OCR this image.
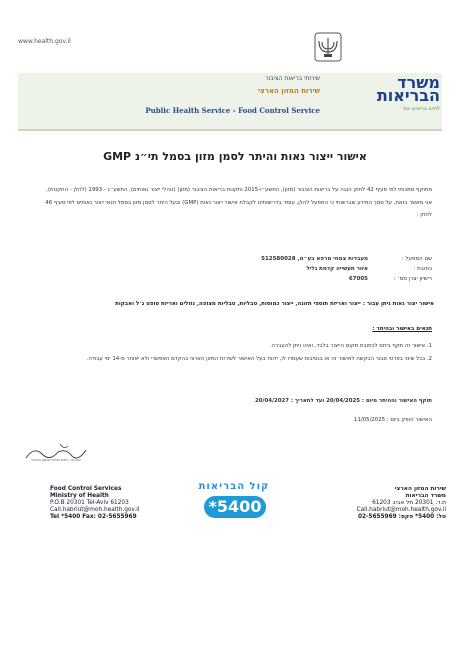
www.health.gov.il
שירותי בריאות הציבור
שירות המזון הארצי
Public Health Service - Food Control Service
משרד הבריאות
לחיים בריאים יותר
אישור ייצור נאות והיתר לסמן מזון בסמל תי״נ GMP
מתוקף סמכותי לפי סעיף 42 לחוק הגנה על בריאות הציבור (מזון), התשע״ו-2015 ותקנות בריאות הציבור (מזון) (נוהלי ייצור נאותים), התשע״ג - 1993 (להלן - התקנות), אני מאשר בזאת, על סמך המידע שברשותי כי המפעל להלן, עומד בדרישותינו לקבלת אישור ייצור נאות (GMP) ובעל היתר לסמן מזון בסמל תנאי ייצור נאותים לפי סעיף 46 לחוק :
שם המפעל :
מעבדות צמחי מרפא בע״מ, 512580028
כתובת :
אזור תעשייה קדמת גליל
רישיון יצרן מס׳ :
67005
אישור יצור נאות ניתן עבור : ייצור ואריזת תוספי תזונה, ייצור כמוסות, טבליות, טבליות מצופה, נוזלים ואריזת סופט ג׳ל ואבקות
תנאים באישור ובהיתר :
1. אישור זה תקף ביחס לכתובת מקום הייצור בלבד, ואינו ניתן להעברה.
2. בכל שינוי בפרטי סבור הבקשה לאישור זה או בנסיבות שעמדו לו, ידווח בעל האישור לשירות המזון הארצי בהקדם האפשרי ולא יאוחר מ-14 ימי עבודה.
תוקף האישור וההיתר מיום : 20/04/2025 ועד לתאריך : 20/04/2027
האישור הופק ביום : 11/05/2025
בברכה, ראש שירות המזון הארצי
Food Control Services
Ministry of Health
P.O.B 20301 Tel-Aviv 61203
Call.habriut@moh.health.gov.il
Tel *5400 Fax: 02-5655969
קול הבריאות
*5400
שירות המזון הארצי
משרד הבריאות
ת.ד. 20301 תל אביב 61203
Call.habriut@moh.health.gov.il
טל: 5400* פקס: 02-5655969
